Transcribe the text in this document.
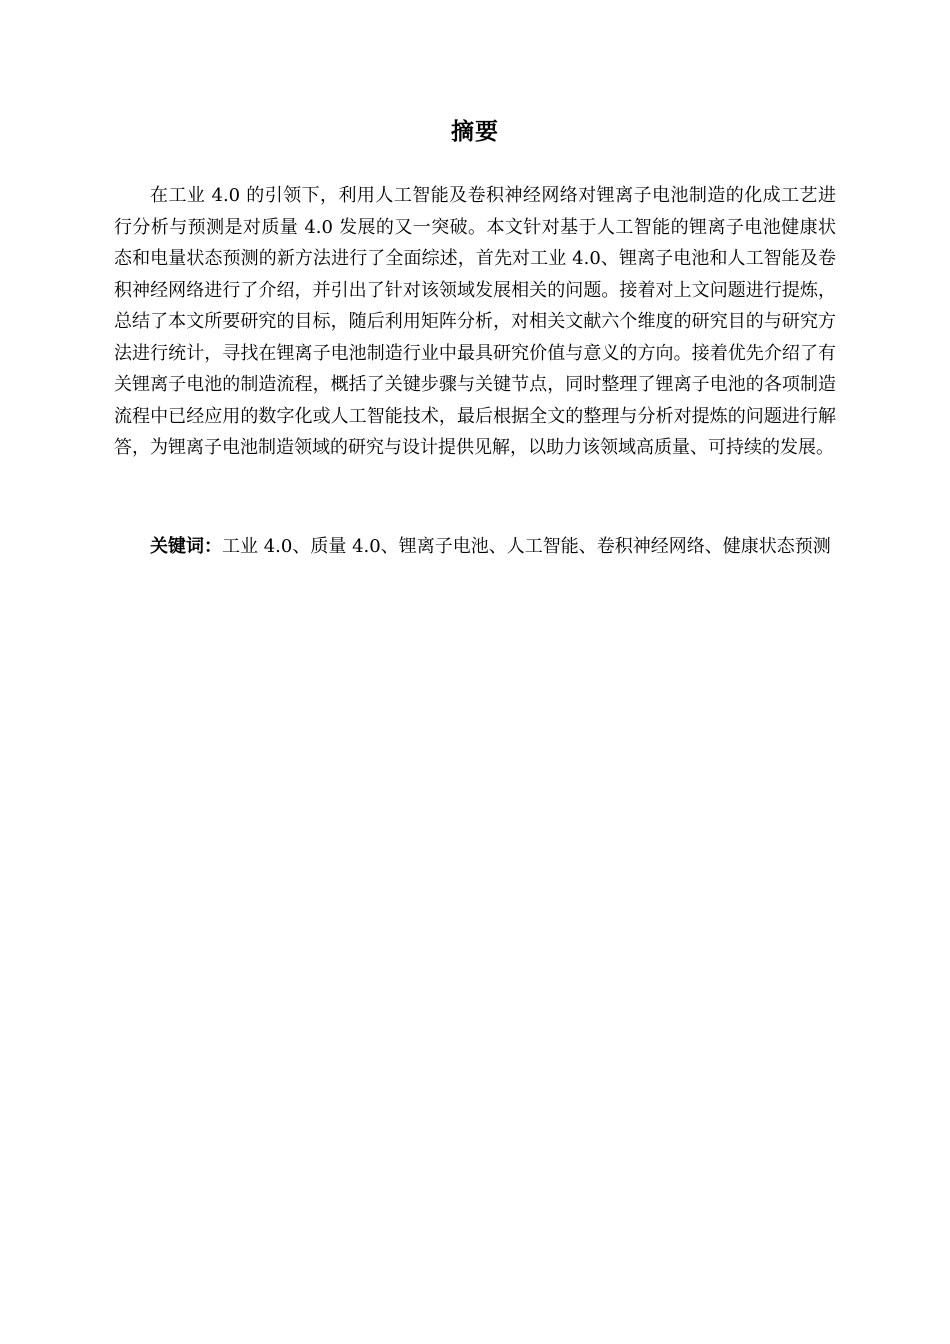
摘要

在工业 4.0 的引领下，利用人工智能及卷积神经网络对锂离子电池制造的化成工艺进行分析与预测是对质量 4.0 发展的又一突破。本文针对基于人工智能的锂离子电池健康状态和电量状态预测的新方法进行了全面综述，首先对工业 4.0、锂离子电池和人工智能及卷积神经网络进行了介绍，并引出了针对该领域发展相关的问题。接着对上文问题进行提炼，总结了本文所要研究的目标，随后利用矩阵分析，对相关文献六个维度的研究目的与研究方法进行统计，寻找在锂离子电池制造行业中最具研究价值与意义的方向。接着优先介绍了有关锂离子电池的制造流程，概括了关键步骤与关键节点，同时整理了锂离子电池的各项制造流程中已经应用的数字化或人工智能技术，最后根据全文的整理与分析对提炼的问题进行解答，为锂离子电池制造领域的研究与设计提供见解，以助力该领域高质量、可持续的发展。

关键词：工业 4.0、质量 4.0、锂离子电池、人工智能、卷积神经网络、健康状态预测
